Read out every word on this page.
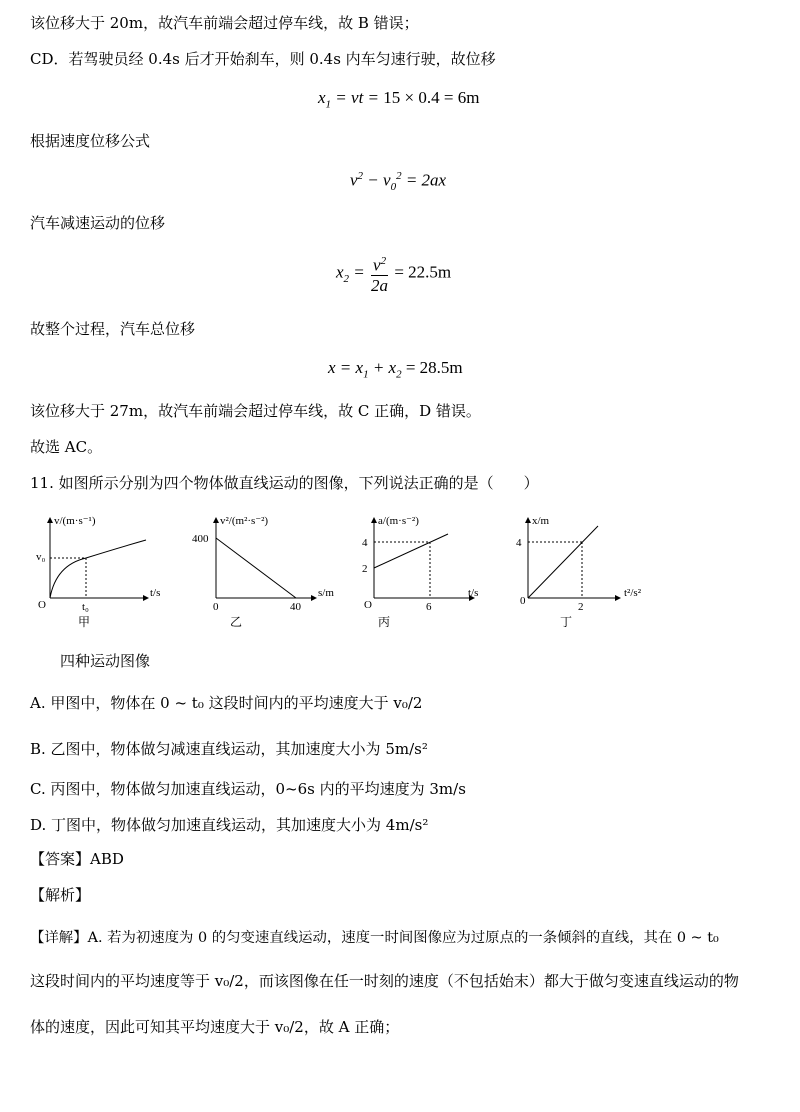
该位移大于 20m，故汽车前端会超过停车线，故 B 错误；
CD．若驾驶员经 0.4s 后才开始刹车，则 0.4s 内车匀速行驶，故位移
$x_1$ = vt = 15 × 0.4 = 6m
根据速度位移公式
$v^2 - v_0^2 = 2ax$
汽车减速运动的位移
$x_2 = \frac{v^2}{2a} = 22.5m$
故整个过程，汽车总位移
$x = x_1 + x_2 = 28.5m$
该位移大于 27m，故汽车前端会超过停车线，故 C 正确，D 错误。
故选 AC。
11. 如图所示分别为四个物体做直线运动的图像，下列说法正确的是（　　）
v/(m·s⁻¹)
t/s
v₀
t₀
O
甲
v²/(m²·s⁻²)
s/m
400
40
0
乙
a/(m·s⁻²)
t/s
4
2
6
O
丙
x/m
t²/s²
4
2
0
丁
四种运动图像
A. 甲图中，物体在 0 ~ t₀ 这段时间内的平均速度大于 v₀/2
B. 乙图中，物体做匀减速直线运动，其加速度大小为 5m/s²
C. 丙图中，物体做匀加速直线运动，0~6s 内的平均速度为 3m/s
D. 丁图中，物体做匀加速直线运动，其加速度大小为 4m/s²
【答案】ABD
【解析】
【详解】A. 若为初速度为 0 的匀变速直线运动，速度一时间图像应为过原点的一条倾斜的直线，其在 0 ~ t₀
这段时间内的平均速度等于 v₀/2，而该图像在任一时刻的速度（不包括始末）都大于做匀变速直线运动的物
体的速度，因此可知其平均速度大于 v₀/2，故 A 正确；
